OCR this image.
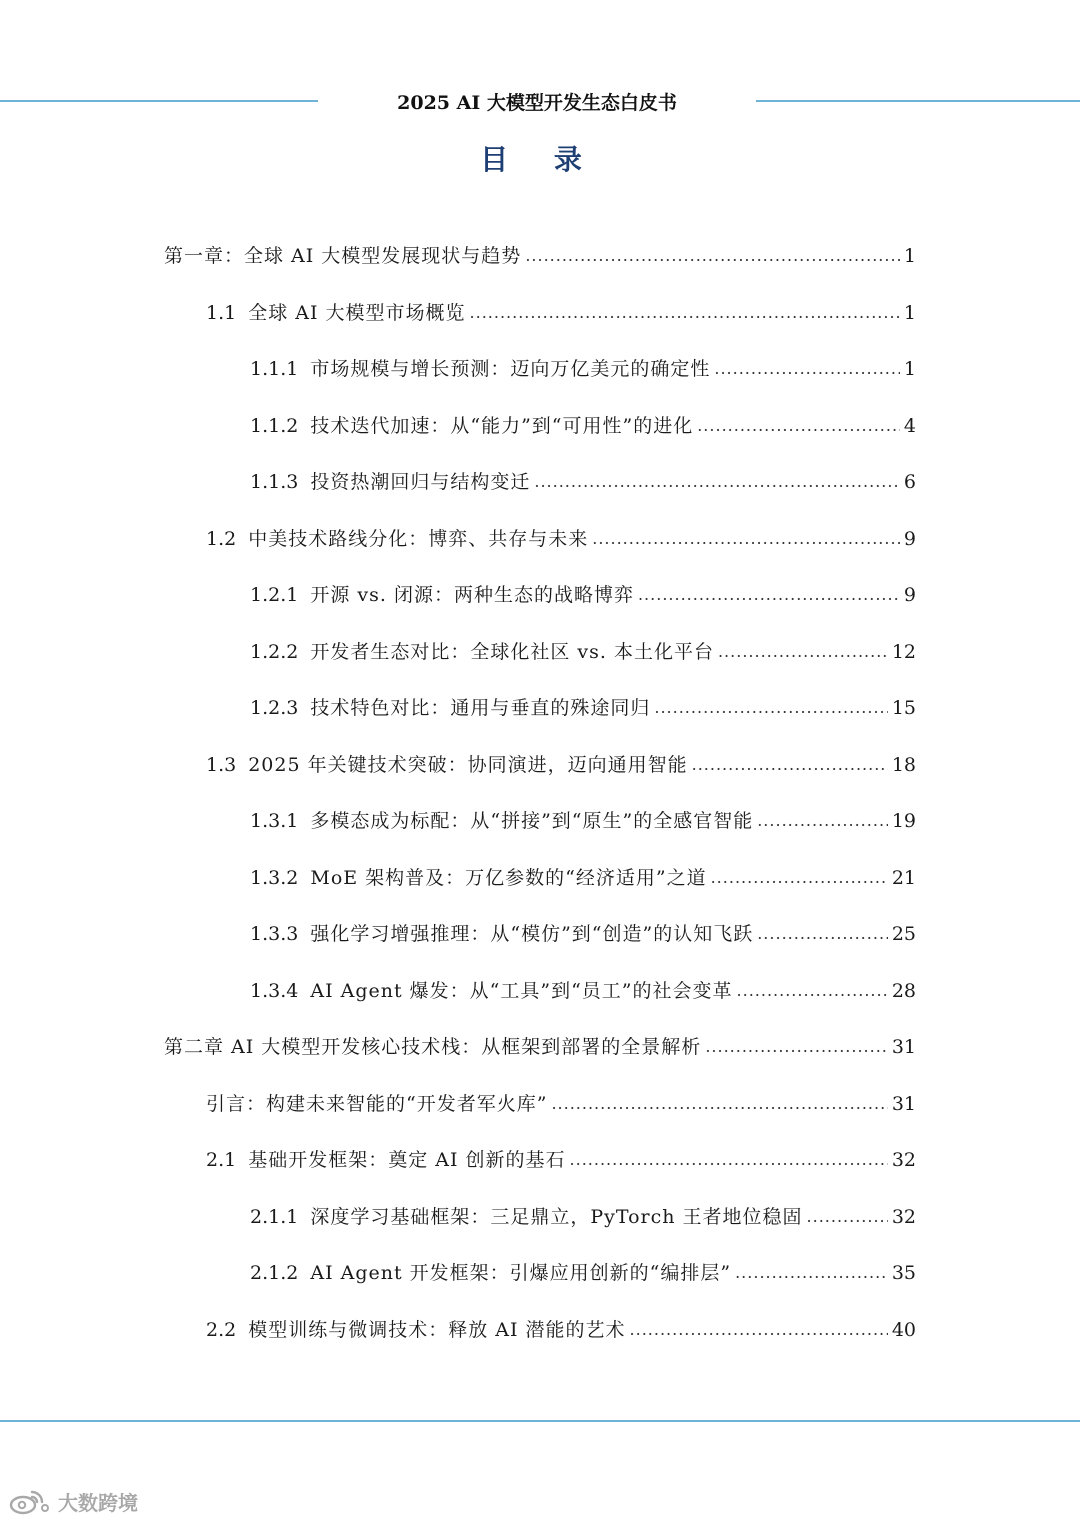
2025 AI 大模型开发生态白皮书
目 录
第一章：全球 AI 大模型发展现状与趋势 .....	1
1.1 全球 AI 大模型市场概览 .....	1
1.1.1 市场规模与增长预测：迈向万亿美元的确定性 .....	1
1.1.2 技术迭代加速：从“能力”到“可用性”的进化 .....	4
1.1.3 投资热潮回归与结构变迁 .....	6
1.2 中美技术路线分化：博弈、共存与未来 .....	9
1.2.1 开源 vs. 闭源：两种生态的战略博弈 .....	9
1.2.2 开发者生态对比：全球化社区 vs. 本土化平台 .....	12
1.2.3 技术特色对比：通用与垂直的殊途同归 .....	15
1.3 2025 年关键技术突破：协同演进，迈向通用智能 .....	18
1.3.1 多模态成为标配：从“拼接”到“原生”的全感官智能 .....	19
1.3.2 MoE 架构普及：万亿参数的“经济适用”之道 .....	21
1.3.3 强化学习增强推理：从“模仿”到“创造”的认知飞跃 .....	25
1.3.4 AI Agent 爆发：从“工具”到“员工”的社会变革 .....	28
第二章 AI 大模型开发核心技术栈：从框架到部署的全景解析 .....	31
引言：构建未来智能的“开发者军火库” .....	31
2.1 基础开发框架：奠定 AI 创新的基石 .....	32
2.1.1 深度学习基础框架：三足鼎立，PyTorch 王者地位稳固 .....	32
2.1.2 AI Agent 开发框架：引爆应用创新的“编排层” .....	35
2.2 模型训练与微调技术：释放 AI 潜能的艺术 .....	40
大数跨境
